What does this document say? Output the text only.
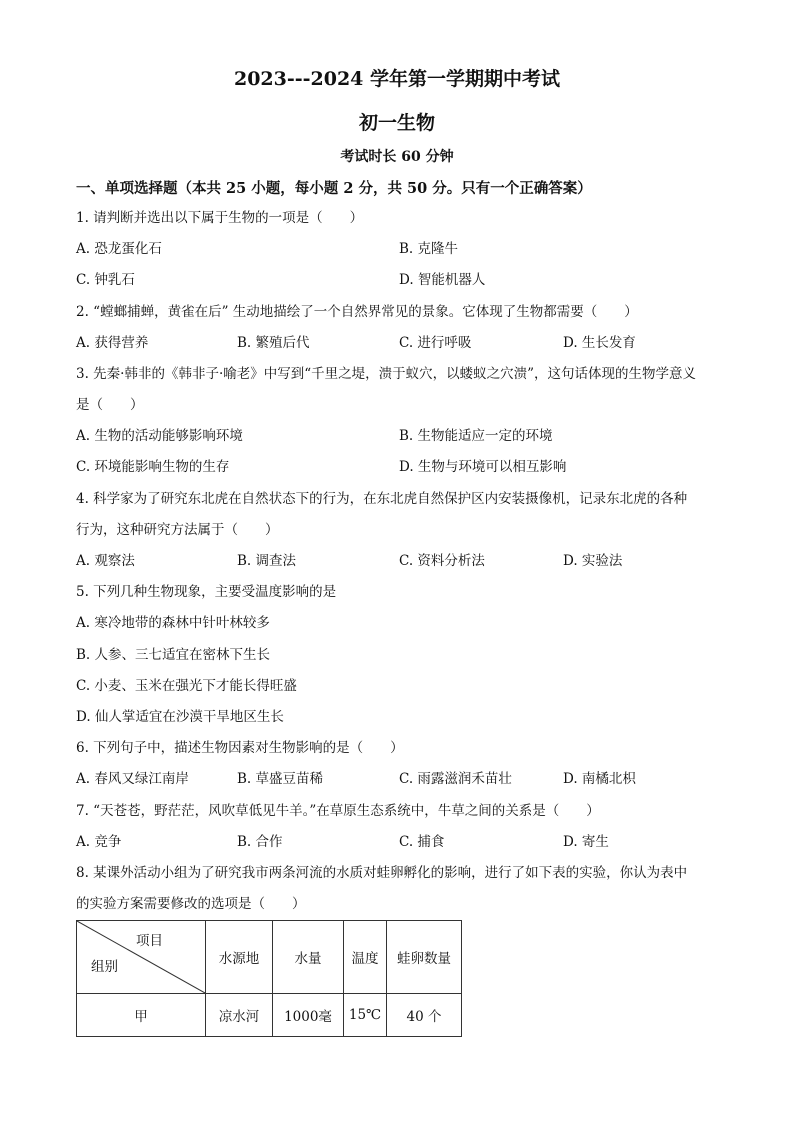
2023---2024 学年第一学期期中考试
初一生物
考试时长 60 分钟
一、单项选择题（本共 25 小题，每小题 2 分，共 50 分。只有一个正确答案）
1. 请判断并选出以下属于生物的一项是（　　）
A. 恐龙蛋化石	B. 克隆牛
C. 钟乳石	D. 智能机器人
2. “螳螂捕蝉，黄雀在后” 生动地描绘了一个自然界常见的景象。它体现了生物都需要（　　）
A. 获得营养	B. 繁殖后代	C. 进行呼吸	D. 生长发育
3. 先秦·韩非的《韩非子·喻老》中写到“千里之堤，溃于蚁穴，以蝼蚁之穴溃”，这句话体现的生物学意义
是（　　）
A. 生物的活动能够影响环境	B. 生物能适应一定的环境
C. 环境能影响生物的生存	D. 生物与环境可以相互影响
4. 科学家为了研究东北虎在自然状态下的行为，在东北虎自然保护区内安装摄像机，记录东北虎的各种
行为，这种研究方法属于（　　）
A. 观察法	B. 调查法	C. 资料分析法	D. 实验法
5. 下列几种生物现象，主要受温度影响的是
A. 寒冷地带的森林中针叶林较多
B. 人参、三七适宜在密林下生长
C. 小麦、玉米在强光下才能长得旺盛
D. 仙人掌适宜在沙漠干旱地区生长
6. 下列句子中，描述生物因素对生物影响的是（　　）
A. 春风又绿江南岸	B. 草盛豆苗稀	C. 雨露滋润禾苗壮	D. 南橘北枳
7. “天苍苍，野茫茫，风吹草低见牛羊。”在草原生态系统中，牛草之间的关系是（　　）
A. 竞争	B. 合作	C. 捕食	D. 寄生
8. 某课外活动小组为了研究我市两条河流的水质对蛙卵孵化的影响，进行了如下表的实验，你认为表中
的实验方案需要修改的选项是（　　）
项目
组别	水源地	水量	温度	蛙卵数量
甲	凉水河	1000毫	15℃	40 个
